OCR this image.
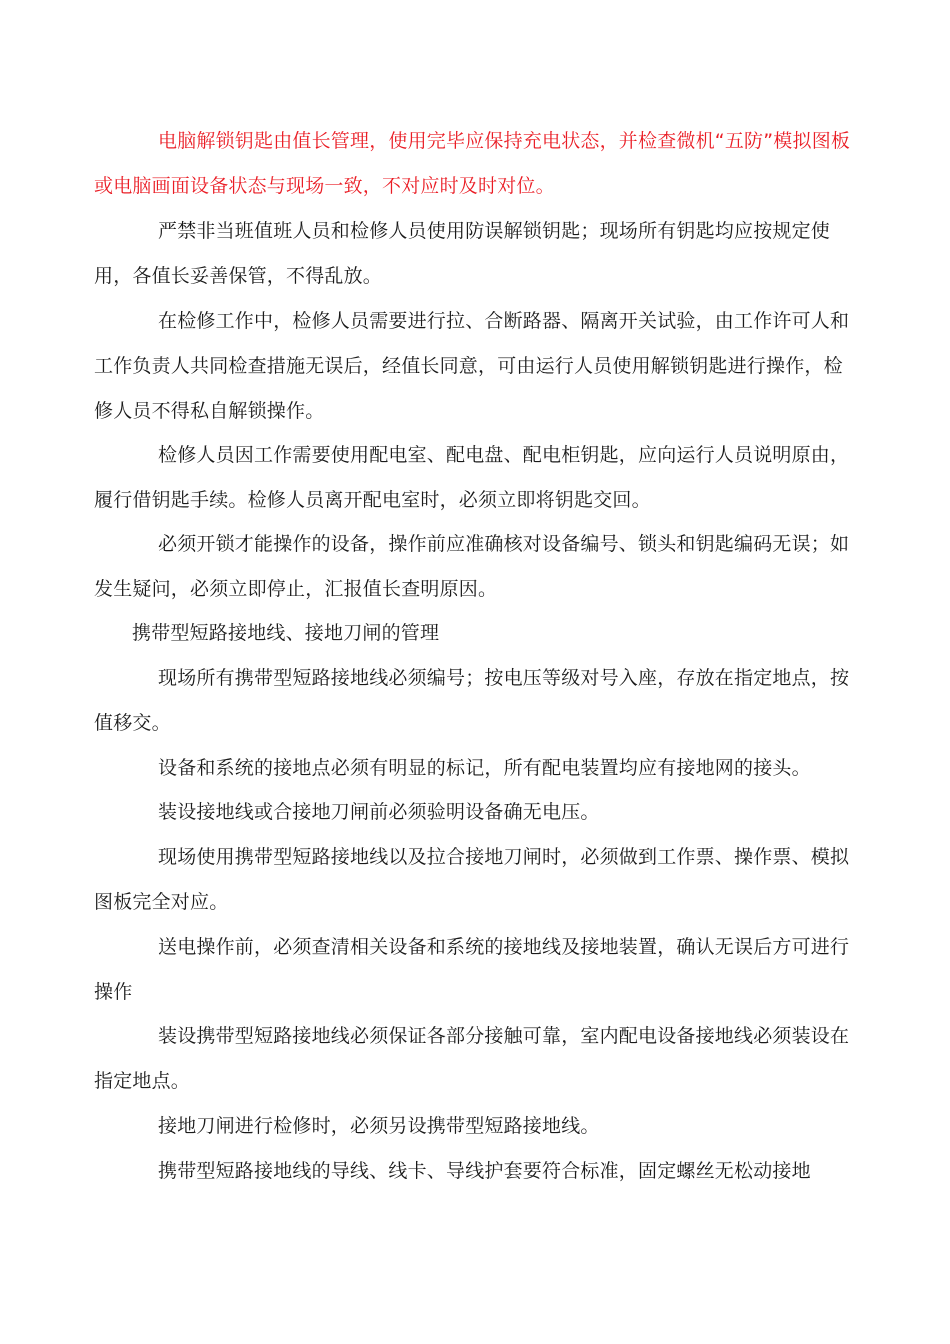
电脑解锁钥匙由值长管理，使用完毕应保持充电状态，并检查微机“五防”模拟图板或电脑画面设备状态与现场一致，不对应时及时对位。

严禁非当班值班人员和检修人员使用防误解锁钥匙；现场所有钥匙均应按规定使用，各值长妥善保管，不得乱放。

在检修工作中，检修人员需要进行拉、合断路器、隔离开关试验，由工作许可人和工作负责人共同检查措施无误后，经值长同意，可由运行人员使用解锁钥匙进行操作，检修人员不得私自解锁操作。

检修人员因工作需要使用配电室、配电盘、配电柜钥匙，应向运行人员说明原由，履行借钥匙手续。检修人员离开配电室时，必须立即将钥匙交回。

必须开锁才能操作的设备，操作前应准确核对设备编号、锁头和钥匙编码无误；如发生疑问，必须立即停止，汇报值长查明原因。

携带型短路接地线、接地刀闸的管理

现场所有携带型短路接地线必须编号；按电压等级对号入座，存放在指定地点，按值移交。

设备和系统的接地点必须有明显的标记，所有配电装置均应有接地网的接头。

装设接地线或合接地刀闸前必须验明设备确无电压。

现场使用携带型短路接地线以及拉合接地刀闸时，必须做到工作票、操作票、模拟图板完全对应。

送电操作前，必须查清相关设备和系统的接地线及接地装置，确认无误后方可进行操作

装设携带型短路接地线必须保证各部分接触可靠，室内配电设备接地线必须装设在指定地点。

接地刀闸进行检修时，必须另设携带型短路接地线。

携带型短路接地线的导线、线卡、导线护套要符合标准，固定螺丝无松动接地
